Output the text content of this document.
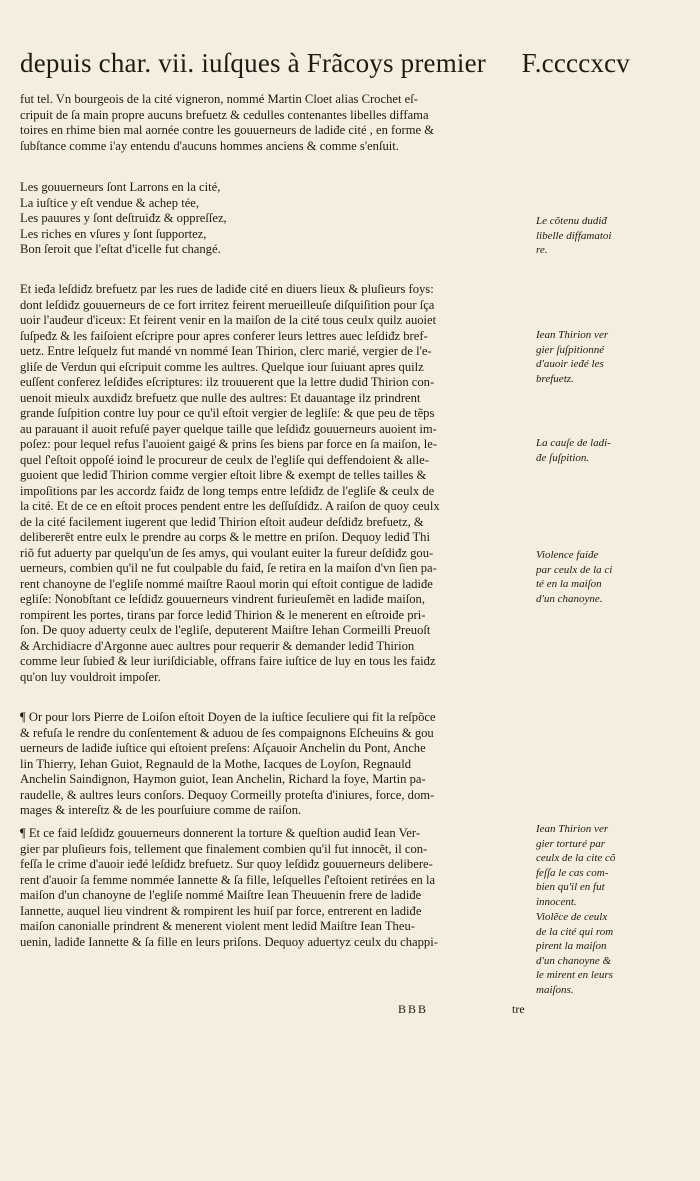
depuis char. vii. iuſques à Frãcoys premier F.ccccxcv
fut tel. Vn bourgeois de la cité vigneron, nommé Martin Cloet alias Crochet eſ-
cripuit de ſa main propre aucuns brefuetz & cedulles contenantes libelles diffama
toires en rhime bien mal aornée contre les gouuerneurs de ladiđe cité , en forme &
ſubſtance comme i'ay entendu d'aucuns hommes anciens & comme s'enſuit.
Les gouuerneurs ſont Larrons en la cité,
La iuſtice y eſt vendue & achep tée,
Les pauures y ſont deſtruiđz & oppreſſez,
Les riches en vſures y ſont ſupportez,
Bon ſeroit que l'eſtat d'icelle fut changé.
Et ieđa leſdiđz brefuetz par les rues de ladiđe cité en diuers lieux & pluſieurs foys:
dont leſdiđz gouuerneurs de ce fort irritez feirent merueilleuſe diſquiſition pour ſça
uoir l'auđeur d'iceux: Et feirent venir en la maiſon de la cité tous ceulx quilz auoiet
ſuſpeđz & les faiſoient eſcripre pour apres conferer leurs lettres auec leſdiđz bref-
uetz. Entre leſquelz fut mandé vn nommé Iean Thirion, clerc marié, vergier de l'e-
gliſe de Verdun qui eſcripuit comme les aultres. Quelque iour ſuiuant apres quilz
euſſent conferez leſdiđes eſcriptures: ilz trouuerent que la lettre dudiđ Thirion con-
uenoit mieulx auxdiđz brefuetz que nulle des aultres: Et dauantage ilz prindrent
grande ſuſpition contre luy pour ce qu'il eſtoit vergier de legliſe: & que peu de tẽps
au parauant il auoit refuſé payer quelque taille que leſdiđz gouuerneurs auoient im-
poſez: pour lequel refus l'auoient gaigé & prins ſes biens par force en ſa maiſon, le-
quel ſ'eſtoit oppoſé ioinđ le procureur de ceulx de l'egliſe qui deffendoient & alle-
guoient que lediđ Thirion comme vergier eſtoit libre & exempt de telles tailles &
impoſitions par les accordz faiđz de long temps entre leſdiđz de l'egliſe & ceulx de
la cité. Et de ce en eſtoit proces pendent entre les deſſuſdiđz. A raiſon de quoy ceulx
de la cité facilement iugerent que lediđ Thirion eſtoit auđeur deſdiđz brefuetz, &
delibererẽt entre eulx le prendre au corps & le mettre en priſon. Dequoy lediđ Thi
riõ fut aduerty par quelqu'un de ſes amys, qui voulant euiter la fureur deſdiđz gou-
uerneurs, combien qu'il ne fut coulpable du faiđ, ſe retira en la maiſon d'vn ſien pa-
rent chanoyne de l'egliſe nommé maiſtre Raoul morin qui eſtoit contigue de ladiđe
egliſe: Nonobſtant ce leſdiđz gouuerneurs vindrent furieuſemẽt en ladiđe maiſon,
rompirent les portes, tirans par force lediđ Thirion & le menerent en eſtroiđe pri-
ſon. De quoy aduerty ceulx de l'egliſe, deputerent Maiſtre Iehan Cormeilli Preuoſt
& Archidiacre d'Argonne auec aultres pour requerir & demander lediđ Thirion
comme leur ſubieđ & leur iuriſdiciable, offrans faire iuſtice de luy en tous les faiđz
qu'on luy vouldroit impoſer.
¶ Or pour lors Pierre de Loiſon eſtoit Doyen de la iuſtice ſeculiere qui fit la reſpõce
& refuſa le rendre du conſentement & aduou de ſes compaignons Eſcheuins & gou
uerneurs de ladiđe iuſtice qui eſtoient preſens: Aſçauoir Anchelin du Pont, Anche
lin Thierry, Iehan Guiot, Regnauld de la Mothe, Iacques de Loyſon, Regnauld
Anchelin Sainđignon, Haymon guiot, Iean Anchelin, Richard la foye, Martin pa-
raudelle, & aultres leurs conſors. Dequoy Cormeilly proteſta d'iniures, force, dom-
mages & intereſtz & de les pourſuiure comme de raiſon.
¶ Et ce faiđ leſdiđz gouuerneurs donnerent la torture & queſtion audiđ Iean Ver-
gier par pluſieurs fois, tellement que finalement combien qu'il fut innocẽt, il con-
feſſa le crime d'auoir ieđé leſdiđz brefuetz. Sur quoy leſdiđz gouuerneurs delibere-
rent d'auoir ſa femme nommée Iannette & ſa fille, leſquelles ſ'eſtoient retirées en la
maiſon d'un chanoyne de l'egliſe nommé Maiſtre Iean Theuuenin frere de ladiđe
Iannette, auquel lieu vindrent & rompirent les huiſ par force, entrerent en ladiđe
maiſon canonialle prindrent & menerent violent ment lediđ Maiſtre Iean Theu-
uenin, ladiđe Iannette & ſa fille en leurs priſons. Dequoy aduertyz ceulx du chappi-
Le cõtenu dudiđ
libelle diffamatoi
re.
Iean Thirion ver
gier ſuſpitionné
d'auoir ieđé les
brefuetz.
La cauſe de ladi-
đe ſuſpition.
Violence faiđe
par ceulx de la ci
té en la maiſon
d'un chanoyne.
Iean Thirion ver
gier torturé par
ceulx de la cite cõ
feſſa le cas com-
bien qu'il en fut
innocent.
Violẽce de ceulx
de la cité qui rom
pirent la maiſon
d'un chanoyne &
le mirent en leurs
maiſons.
BBB	tre
